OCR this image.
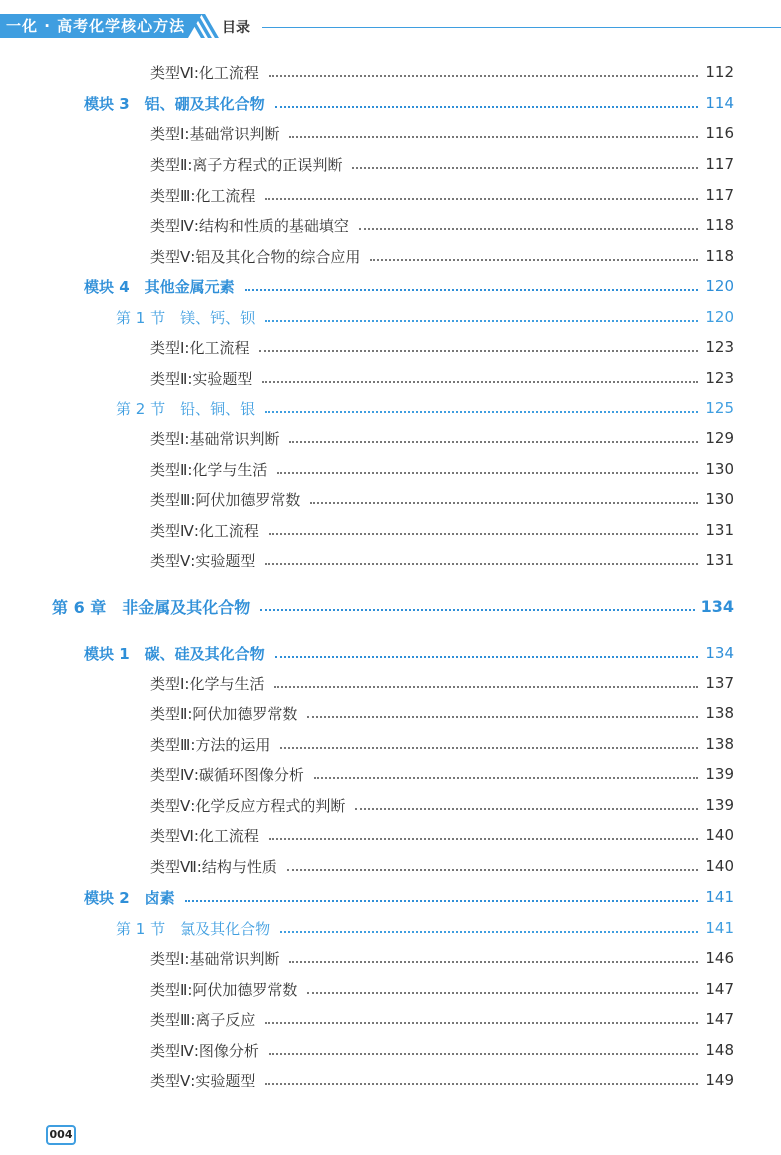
一化 · 高考化学核心方法	目录
类型Ⅵ:化工流程	112
模块 3　铝、硼及其化合物	114
类型Ⅰ:基础常识判断	116
类型Ⅱ:离子方程式的正误判断	117
类型Ⅲ:化工流程	117
类型Ⅳ:结构和性质的基础填空	118
类型Ⅴ:铝及其化合物的综合应用	118
模块 4　其他金属元素	120
第 1 节　镁、钙、钡	120
类型Ⅰ:化工流程	123
类型Ⅱ:实验题型	123
第 2 节　铅、铜、银	125
类型Ⅰ:基础常识判断	129
类型Ⅱ:化学与生活	130
类型Ⅲ:阿伏加德罗常数	130
类型Ⅳ:化工流程	131
类型Ⅴ:实验题型	131
第 6 章　非金属及其化合物	134
模块 1　碳、硅及其化合物	134
类型Ⅰ:化学与生活	137
类型Ⅱ:阿伏加德罗常数	138
类型Ⅲ:方法的运用	138
类型Ⅳ:碳循环图像分析	139
类型Ⅴ:化学反应方程式的判断	139
类型Ⅵ:化工流程	140
类型Ⅶ:结构与性质	140
模块 2　卤素	141
第 1 节　氯及其化合物	141
类型Ⅰ:基础常识判断	146
类型Ⅱ:阿伏加德罗常数	147
类型Ⅲ:离子反应	147
类型Ⅳ:图像分析	148
类型Ⅴ:实验题型	149
004
